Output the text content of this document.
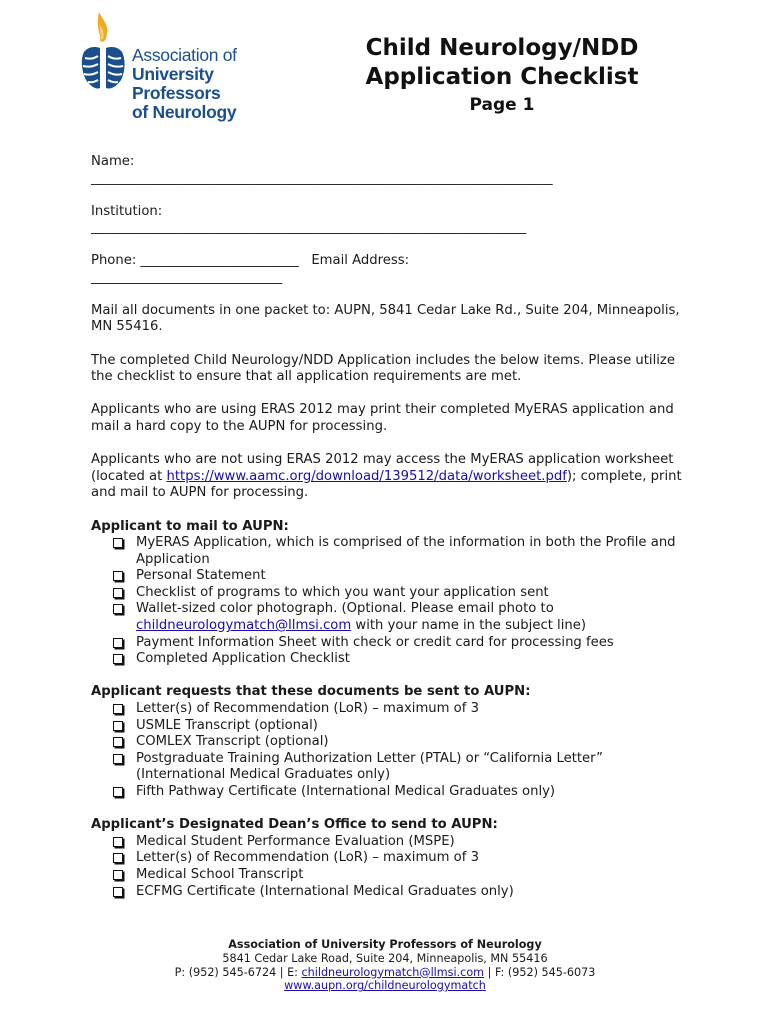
Association of
University Professors
of Neurology
Child Neurology/NDD
Application Checklist
Page 1
Name:
______________________________________________________________________
Institution:
__________________________________________________________________
Phone: ________________________ Email Address:
_____________________________

Mail all documents in one packet to: AUPN, 5841 Cedar Lake Rd., Suite 204, Minneapolis, MN 55416.

The completed Child Neurology/NDD Application includes the below items. Please utilize the checklist to ensure that all application requirements are met.

Applicants who are using ERAS 2012 may print their completed MyERAS application and mail a hard copy to the AUPN for processing.

Applicants who are not using ERAS 2012 may access the MyERAS application worksheet (located at https://www.aamc.org/download/139512/data/worksheet.pdf); complete, print and mail to AUPN for processing.

Applicant to mail to AUPN:
MyERAS Application, which is comprised of the information in both the Profile and Application
Personal Statement
Checklist of programs to which you want your application sent
Wallet-sized color photograph. (Optional. Please email photo to childneurologymatch@llmsi.com with your name in the subject line)
Payment Information Sheet with check or credit card for processing fees
Completed Application Checklist
Applicant requests that these documents be sent to AUPN:
Letter(s) of Recommendation (LoR) – maximum of 3
USMLE Transcript (optional)
COMLEX Transcript (optional)
Postgraduate Training Authorization Letter (PTAL) or “California Letter” (International Medical Graduates only)
Fifth Pathway Certificate (International Medical Graduates only)
Applicant’s Designated Dean’s Office to send to AUPN:
Medical Student Performance Evaluation (MSPE)
Letter(s) of Recommendation (LoR) – maximum of 3
Medical School Transcript
ECFMG Certificate (International Medical Graduates only)
Association of University Professors of Neurology
5841 Cedar Lake Road, Suite 204, Minneapolis, MN 55416
P: (952) 545-6724 | E: childneurologymatch@llmsi.com | F: (952) 545-6073
www.aupn.org/childneurologymatch
